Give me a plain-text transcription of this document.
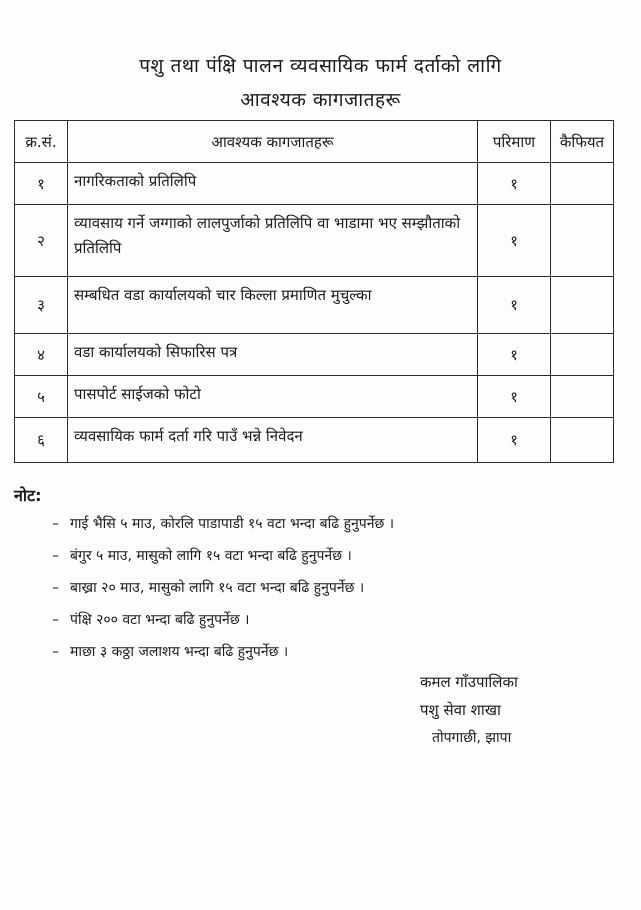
पशु तथा पंक्षि पालन व्यवसायिक फार्म दर्ताको लागि
आवश्यक कागजातहरू
क्र.सं.	आवश्यक कागजातहरू	परिमाण	कैफियत
१	नागरिकताको प्रतिलिपि	१	
२	व्यावसाय गर्ने जग्गाको लालपुर्जाको प्रतिलिपि वा भाडामा भए सम्झौताको प्रतिलिपि	१	
३	सम्बधित वडा कार्यालयको चार किल्ला प्रमाणित मुचुल्का	१	
४	वडा कार्यालयको सिफारिस पत्र	१	
५	पासपोर्ट साईजको फोटो	१	
६	व्यवसायिक फार्म दर्ता गरि पाउँ भन्ने निवेदन	१	

नोट:

– गाई भैसि ५ माउ, कोरलि पाडापाडी १५ वटा भन्दा बढि हुनुपर्नेछ ।
– बंगुर ५ माउ, मासुको लागि १५ वटा भन्दा बढि हुनुपर्नेछ ।
– बाख्रा २० माउ, मासुको लागि १५ वटा भन्दा बढि हुनुपर्नेछ ।
– पंक्षि २०० वटा भन्दा बढि हुनुपर्नेछ ।
– माछा ३ कठ्ठा जलाशय भन्दा बढि हुनुपर्नेछ ।
कमल गाँउपालिका
पशु सेवा शाखा
तोपगाछी, झापा
